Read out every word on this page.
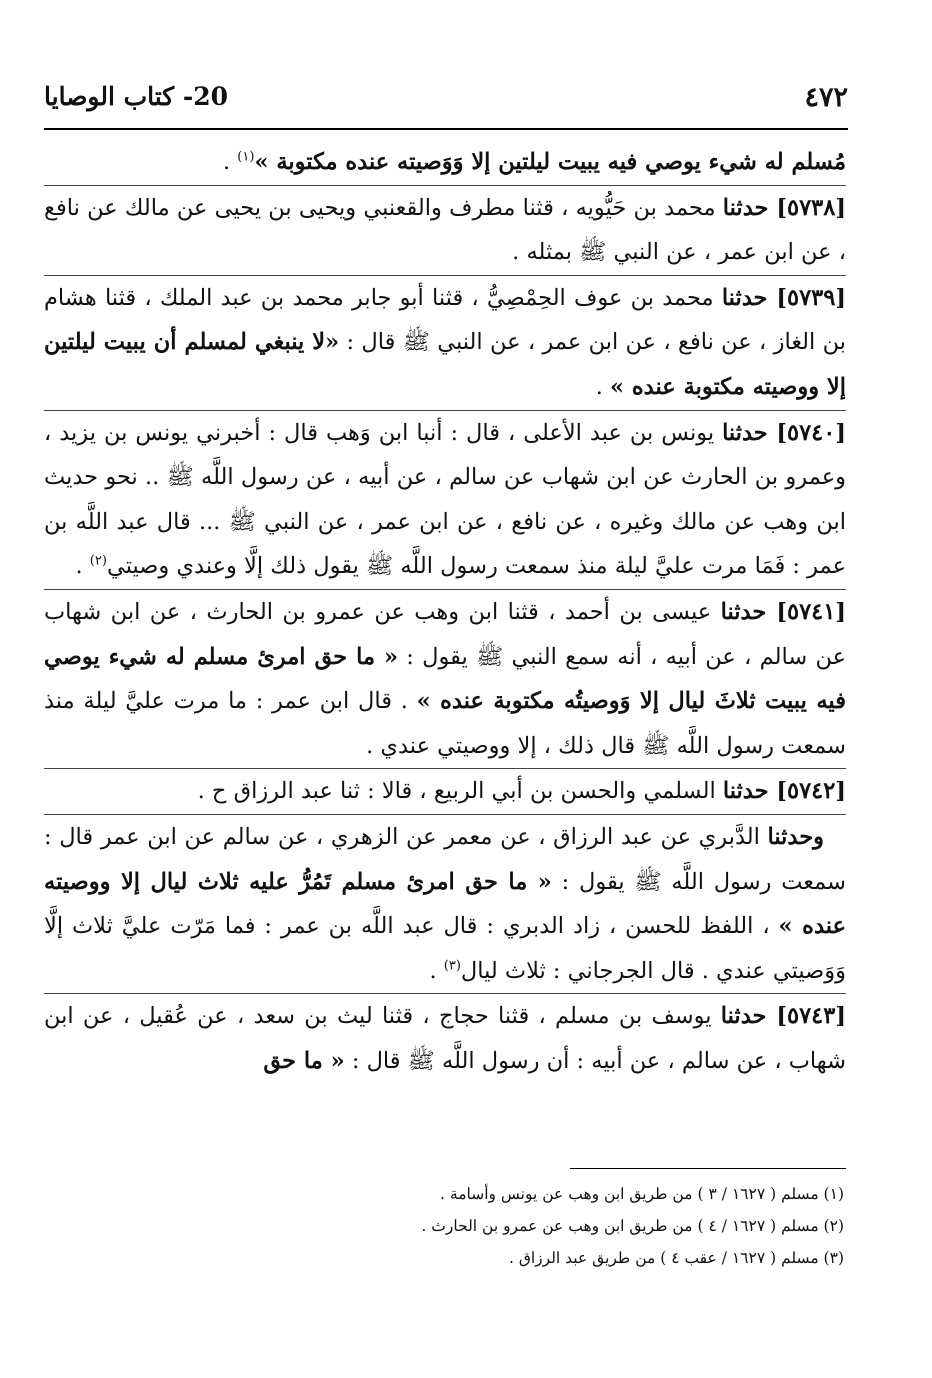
20- كتاب الوصايا	٤٧٢

مُسلم له شيء يوصي فيه يبيت ليلتين إلا وَوَصيته عنده مكتوبة »$^{(١)}$ .

[٥٧٣٨] حدثنا محمد بن حَيُّويه ، قثنا مطرف والقعنبي ويحيى بن يحيى عن مالك عن نافع ، عن ابن عمر ، عن النبي ﷺ بمثله .

[٥٧٣٩] حدثنا محمد بن عوف الحِمْصِيُّ ، قثنا أبو جابر محمد بن عبد الملك ، قثنا هشام بن الغاز ، عن نافع ، عن ابن عمر ، عن النبي ﷺ قال : «لا ينبغي لمسلم أن يبيت ليلتين إلا ووصيته مكتوبة عنده » .

[٥٧٤٠] حدثنا يونس بن عبد الأعلى ، قال : أنبا ابن وَهب قال : أخبرني يونس بن يزيد ، وعمرو بن الحارث عن ابن شهاب عن سالم ، عن أبيه ، عن رسول اللَّه ﷺ .. نحو حديث ابن وهب عن مالك وغيره ، عن نافع ، عن ابن عمر ، عن النبي ﷺ ... قال عبد اللَّه بن عمر : فَمَا مرت عليَّ ليلة منذ سمعت رسول اللَّه ﷺ يقول ذلك إلَّا وعندي وصيتي$^{(٢)}$ .

[٥٧٤١] حدثنا عيسى بن أحمد ، قثنا ابن وهب عن عمرو بن الحارث ، عن ابن شهاب عن سالم ، عن أبيه ، أنه سمع النبي ﷺ يقول : « ما حق امرئ مسلم له شيء يوصي فيه يبيت ثلاثَ ليال إلا وَوصيتُه مكتوبة عنده » . قال ابن عمر : ما مرت عليَّ ليلة منذ سمعت رسول اللَّه ﷺ قال ذلك ، إلا ووصيتي عندي .

[٥٧٤٢] حدثنا السلمي والحسن بن أبي الربيع ، قالا : ثنا عبد الرزاق ح .

وحدثنا الدَّبري عن عبد الرزاق ، عن معمر عن الزهري ، عن سالم عن ابن عمر قال : سمعت رسول اللَّه ﷺ يقول : « ما حق امرئ مسلم تَمُرُّ عليه ثلاث ليال إلا ووصيته عنده » ، اللفظ للحسن ، زاد الدبري : قال عبد اللَّه بن عمر : فما مَرّت عليَّ ثلاث إلَّا وَوَصيتي عندي . قال الجرجاني : ثلاث ليال$^{(٣)}$ .

[٥٧٤٣] حدثنا يوسف بن مسلم ، قثنا حجاج ، قثنا ليث بن سعد ، عن عُقيل ، عن ابن شهاب ، عن سالم ، عن أبيه : أن رسول اللَّه ﷺ قال : « ما حق

(١) مسلم ( ١٦٢٧ / ٣ ) من طريق ابن وهب عن يونس وأسامة .

(٢) مسلم ( ١٦٢٧ / ٤ ) من طريق ابن وهب عن عمرو بن الحارث .

(٣) مسلم ( ١٦٢٧ / عقب ٤ ) من طريق عبد الرزاق .
